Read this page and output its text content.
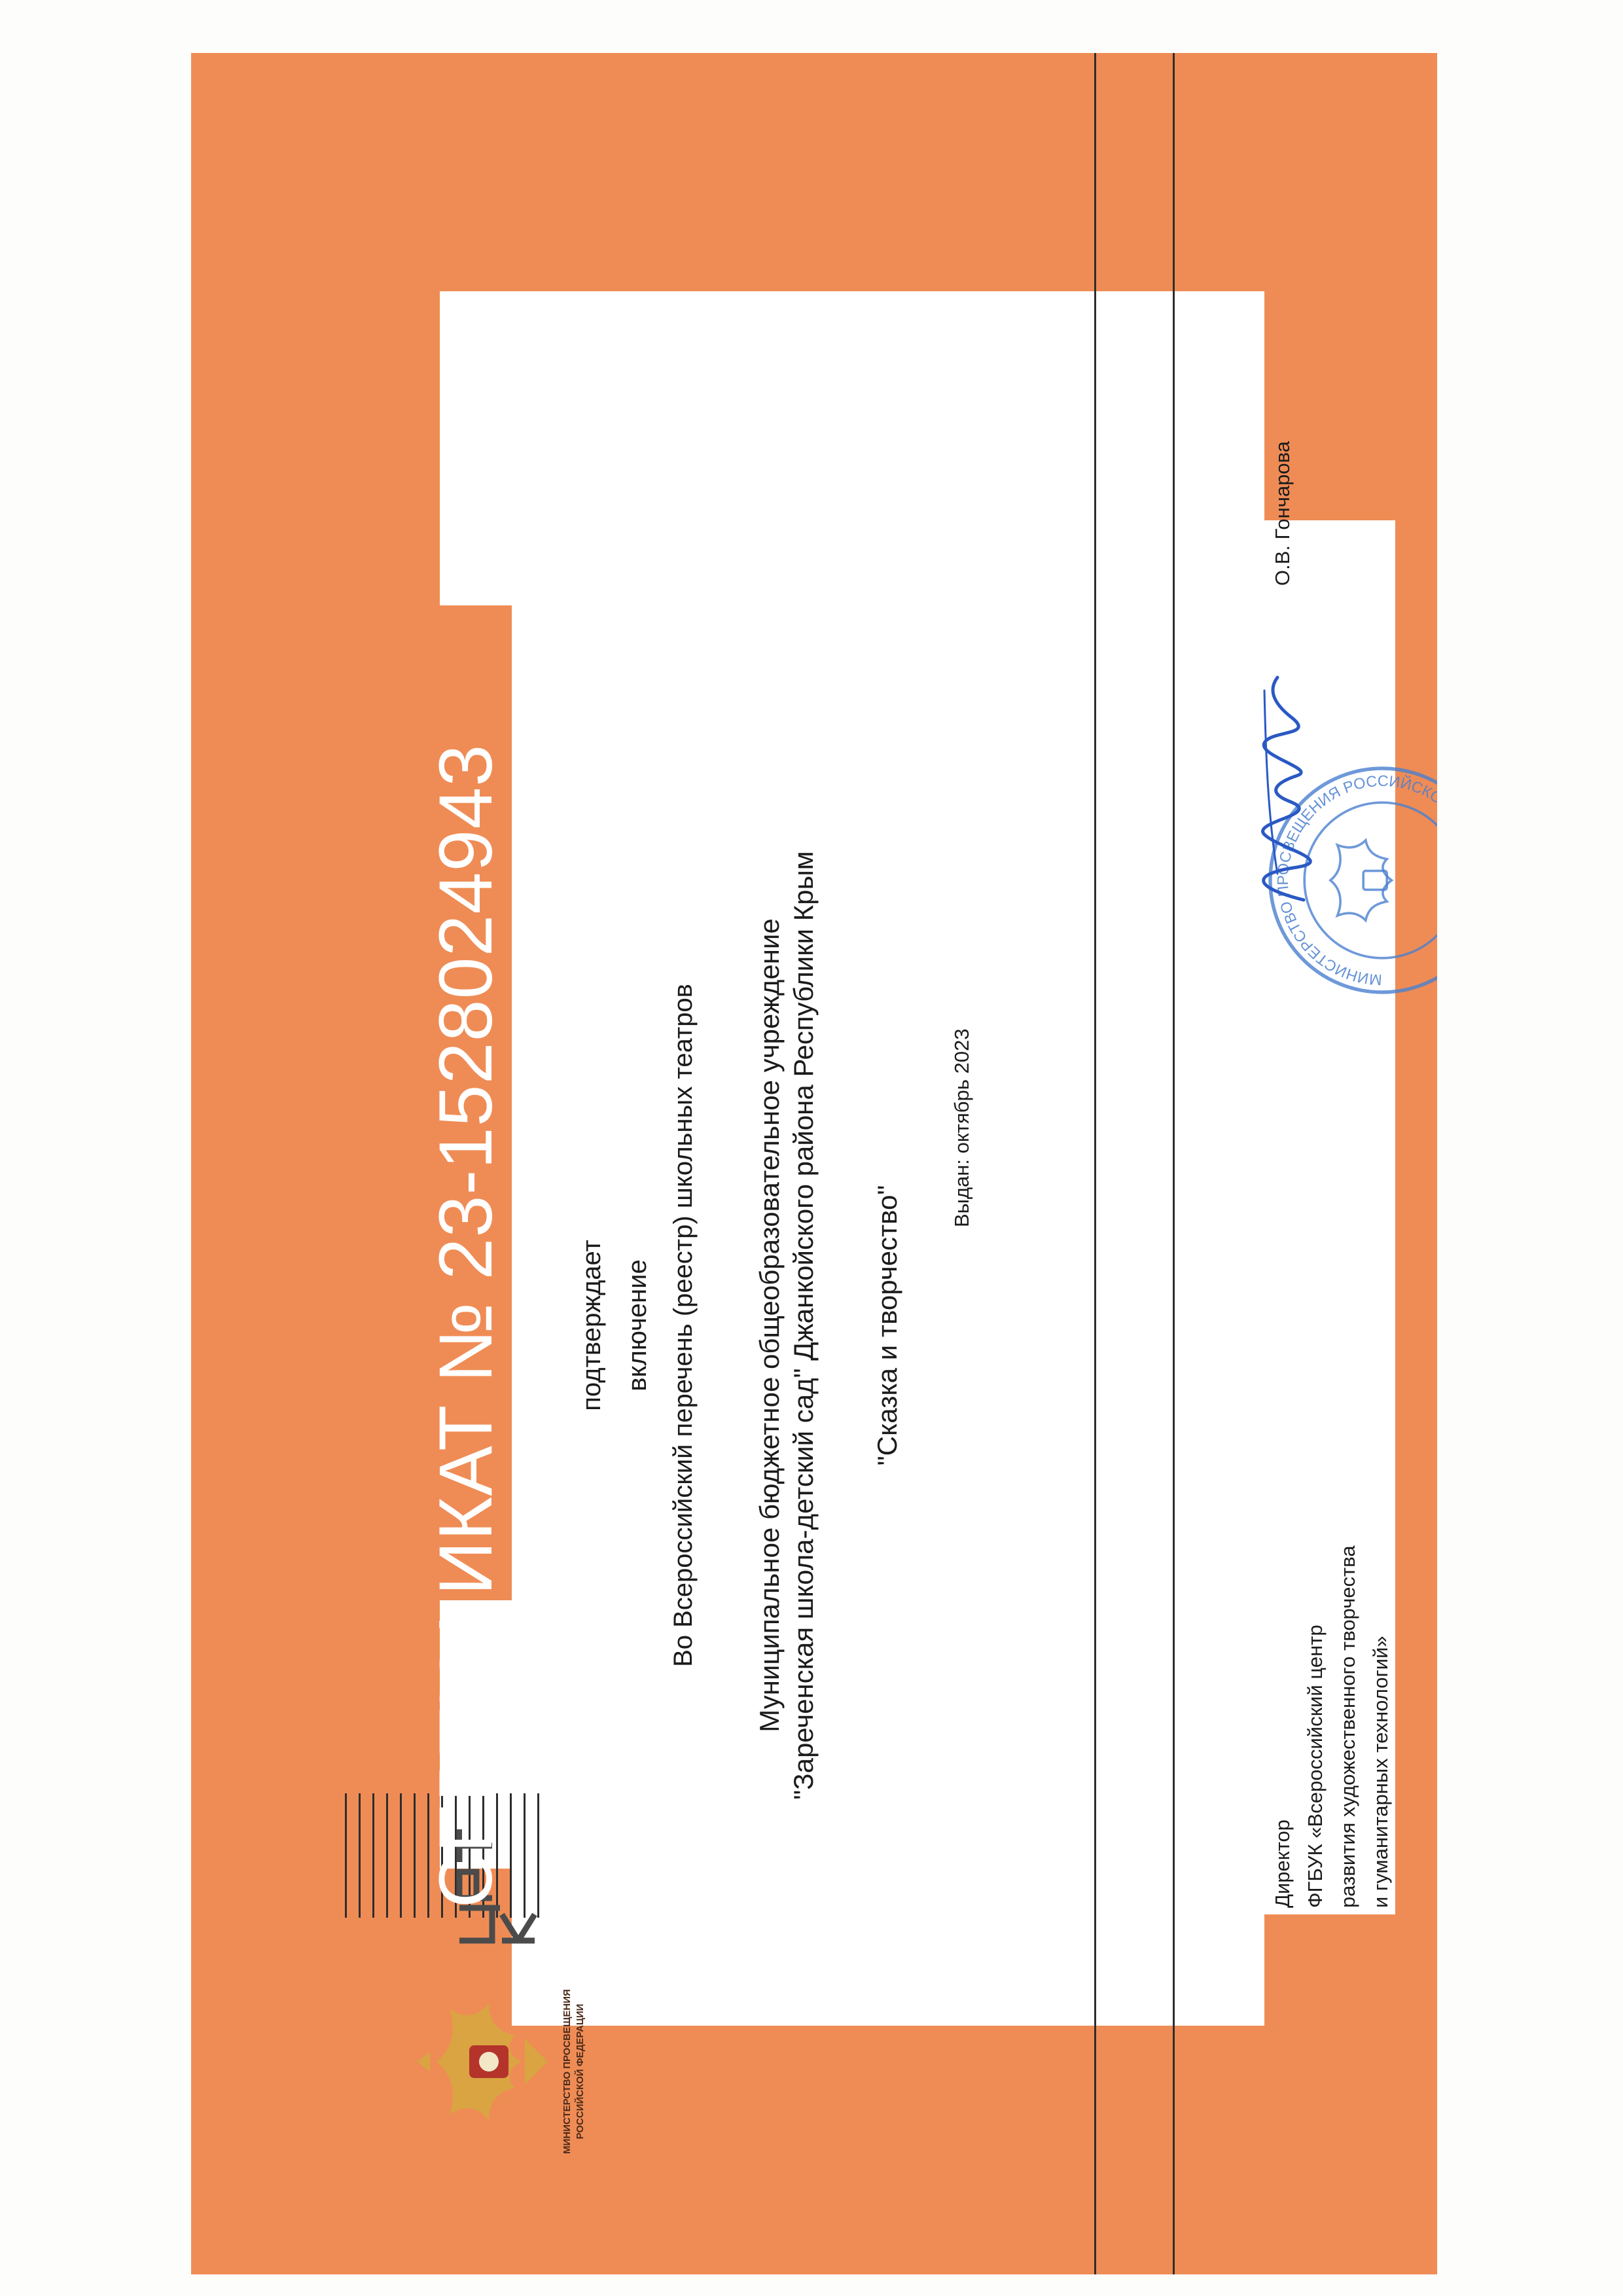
МИНИСТЕРСТВО ПРОСВЕЩЕНИЯ РОССИЙСКОЙ ФЕДЕРАЦИИ
СЕРТИФИКАТ № 23-1528024943	подтверждает включение Во Всероссийский перечень (реестр) школьных театров Муниципальное бюджетное общеобразовательное учреждение "Зареченская школа-детский сад" Джанкойского района Республики Крым "Сказка и творчество"
Выдан: октябрь 2023
Директор ФГБУК «Всероссийский центр развития художественного творчества и гуманитарных технологий»
О.В. Гончарова
МИНИСТЕРСТВО ПРОСВЕЩЕНИЯ РОССИЙСКОЙ ФЕДЕРАЦИИ
